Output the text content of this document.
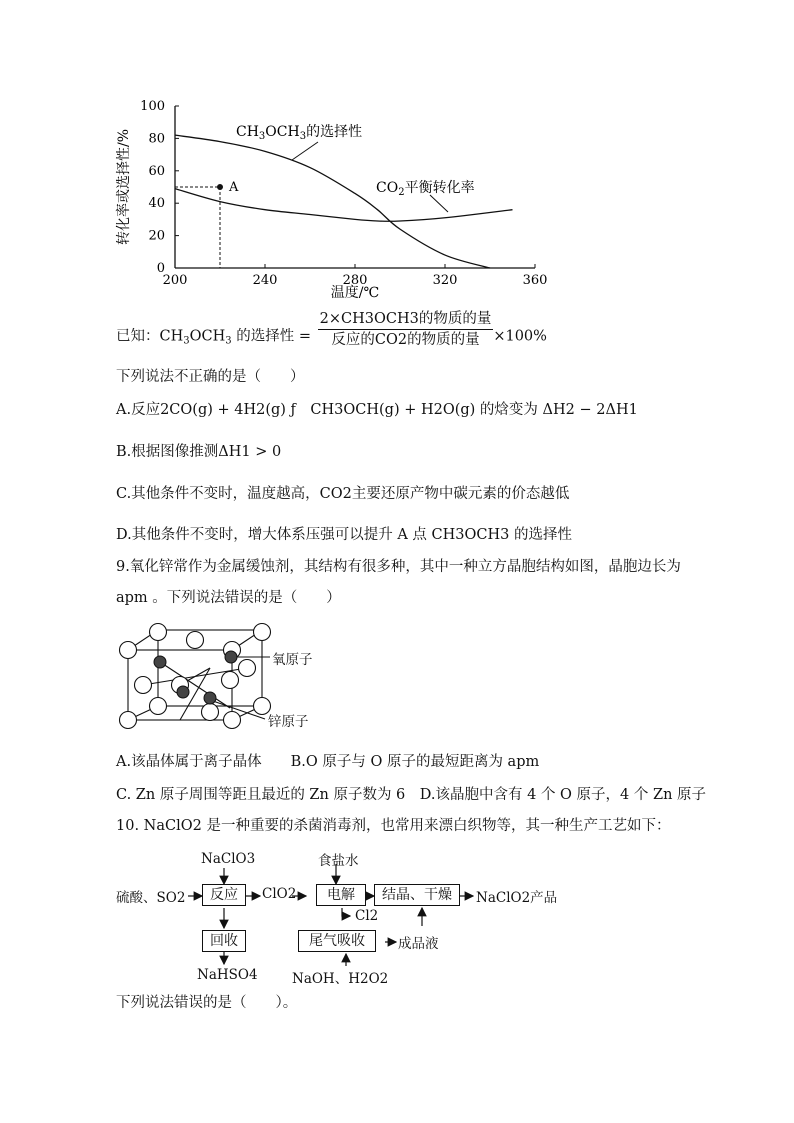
200	240	280	320	360
0
20
40
60
80
100
温度/℃
转化率或选择性/%	$CH_3OCH_3$的选择性
$CO_2$平衡转化率
A
已知：$CH_3OCH_3$ 的选择性 = $\frac{\text{2×CH3OCH3的物质的量}}{\text{反应的CO2的物质的量}} \times 100\%$
下列说法不正确的是（　　）
A.反应2CO(g) + 4H2(g) ƒ　CH3OCH(g) + H2O(g) 的焓变为 ΔH2 − 2ΔH1
B.根据图像推测ΔH1 > 0
C.其他条件不变时，温度越高，CO2主要还原产物中碳元素的价态越低
D.其他条件不变时，增大体系压强可以提升 A 点 CH3OCH3 的选择性
9.氧化锌常作为金属缓蚀剂，其结构有很多种，其中一种立方晶胞结构如图，晶胞边长为
apm 。下列说法错误的是（　　）
氧原子
锌原子
A.该晶体属于离子晶体　　B.O 原子与 O 原子的最短距离为 apm
C. Zn 原子周围等距且最近的 Zn 原子数为 6　D.该晶胞中含有 4 个 O 原子，4 个 Zn 原子
10. NaClO2 是一种重要的杀菌消毒剂，也常用来漂白织物等，其一种生产工艺如下：
NaClO3	食盐水
硫酸、SO2	反应	ClO2	电解	结晶、干燥	NaClO2产品
Cl2
回收	尾气吸收	成品液
NaHSO4	NaOH、H2O2
下列说法错误的是（　　）。
